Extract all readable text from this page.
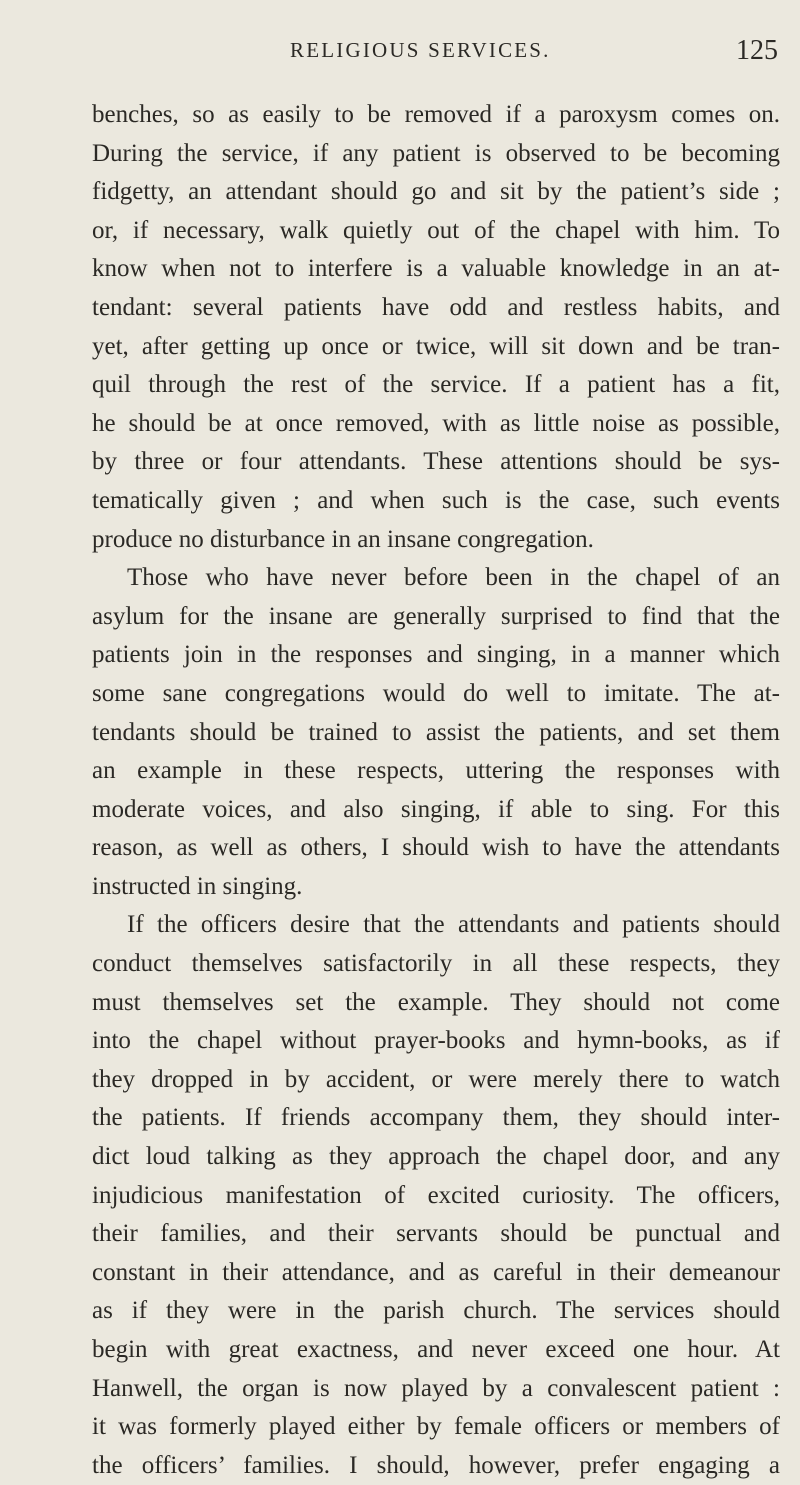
RELIGIOUS SERVICES.	125
benches, so as easily to be removed if a paroxysm comes on.
During the service, if any patient is observed to be becoming
fidgetty, an attendant should go and sit by the patient’s side ;
or, if necessary, walk quietly out of the chapel with him. To
know when not to interfere is a valuable knowledge in an at-
tendant: several patients have odd and restless habits, and
yet, after getting up once or twice, will sit down and be tran-
quil through the rest of the service. If a patient has a fit,
he should be at once removed, with as little noise as possible,
by three or four attendants. These attentions should be sys-
tematically given ; and when such is the case, such events
produce no disturbance in an insane congregation.
Those who have never before been in the chapel of an
asylum for the insane are generally surprised to find that the
patients join in the responses and singing, in a manner which
some sane congregations would do well to imitate. The at-
tendants should be trained to assist the patients, and set them
an example in these respects, uttering the responses with
moderate voices, and also singing, if able to sing. For this
reason, as well as others, I should wish to have the attendants
instructed in singing.
If the officers desire that the attendants and patients should
conduct themselves satisfactorily in all these respects, they
must themselves set the example. They should not come
into the chapel without prayer-books and hymn-books, as if
they dropped in by accident, or were merely there to watch
the patients. If friends accompany them, they should inter-
dict loud talking as they approach the chapel door, and any
injudicious manifestation of excited curiosity. The officers,
their families, and their servants should be punctual and
constant in their attendance, and as careful in their demeanour
as if they were in the parish church. The services should
begin with great exactness, and never exceed one hour. At
Hanwell, the organ is now played by a convalescent patient :
it was formerly played either by female officers or members of
the officers’ families. I should, however, prefer engaging a
